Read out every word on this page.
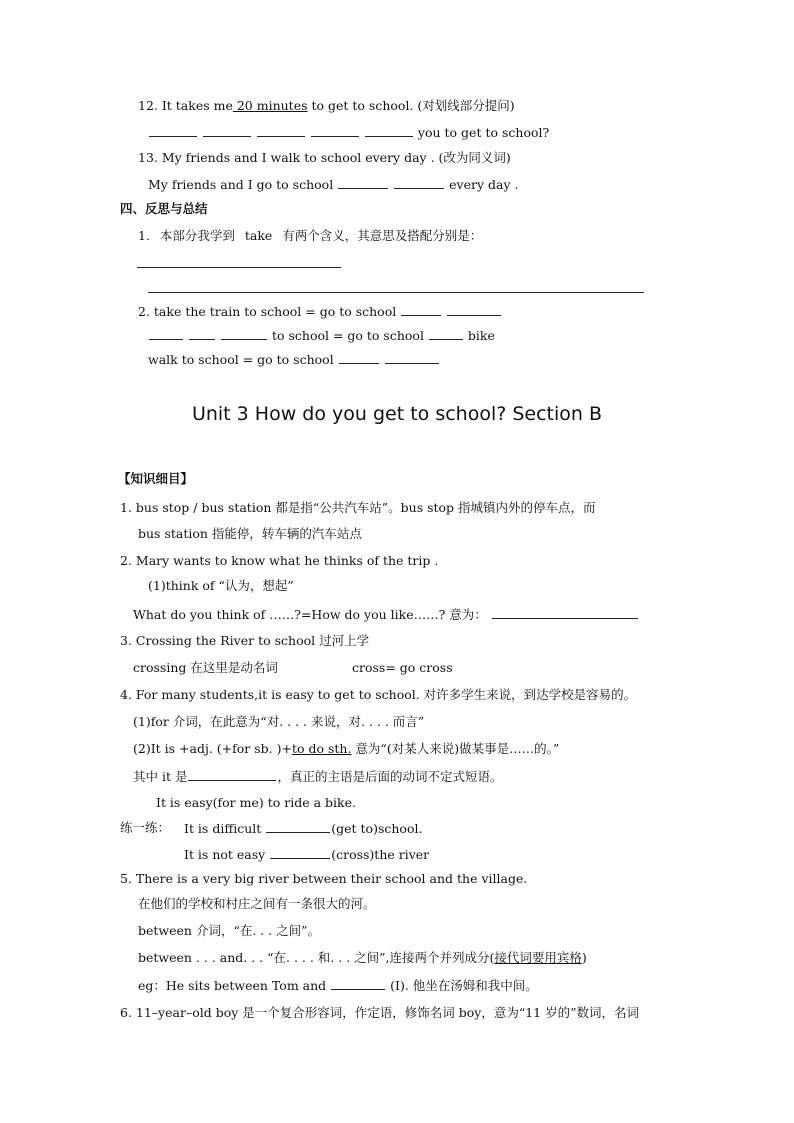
12. It takes me 20 minutes to get to school. (对划线部分提问)
you to get to school?
13. My friends and I walk to school every day . (改为同义词)
My friends and I go to school	every day .
四、反思与总结
1. 本部分我学到 take 有两个含义，其意思及搭配分别是：
2. take the train to school = go to school
to school = go to school	bike
walk to school = go to school
Unit 3 How do you get to school? Section B
【知识细目】
1. bus stop / bus station 都是指“公共汽车站”。bus stop 指城镇内外的停车点，而
bus station 指能停，转车辆的汽车站点
2. Mary wants to know what he thinks of the trip .
(1)think of “认为，想起”
What do you think of ……?=How do you like……? 意为：
3. Crossing the River to school 过河上学
crossing 在这里是动名词	cross= go cross
4. For many students,it is easy to get to school. 对许多学生来说，到达学校是容易的。
(1)for 介词，在此意为“对. . . . 来说，对. . . . 而言”
(2)It is +adj. (+for sb. )+to do sth. 意为“(对某人来说)做某事是……的。”
其中 it 是	，真正的主语是后面的动词不定式短语。
It is easy(for me) to ride a bike.
练一练： It is difficult	(get to)school.
It is not easy	(cross)the river
5. There is a very big river between their school and the village.
在他们的学校和村庄之间有一条很大的河。
between 介词，“在. . . 之间”。
between . . . and. . . “在. . . . 和. . . 之间”,连接两个并列成分(接代词要用宾格)
eg：He sits between Tom and	(I). 他坐在汤姆和我中间。
6. 11–year–old boy 是一个复合形容词，作定语，修饰名词 boy，意为“11 岁的”数词，名词
